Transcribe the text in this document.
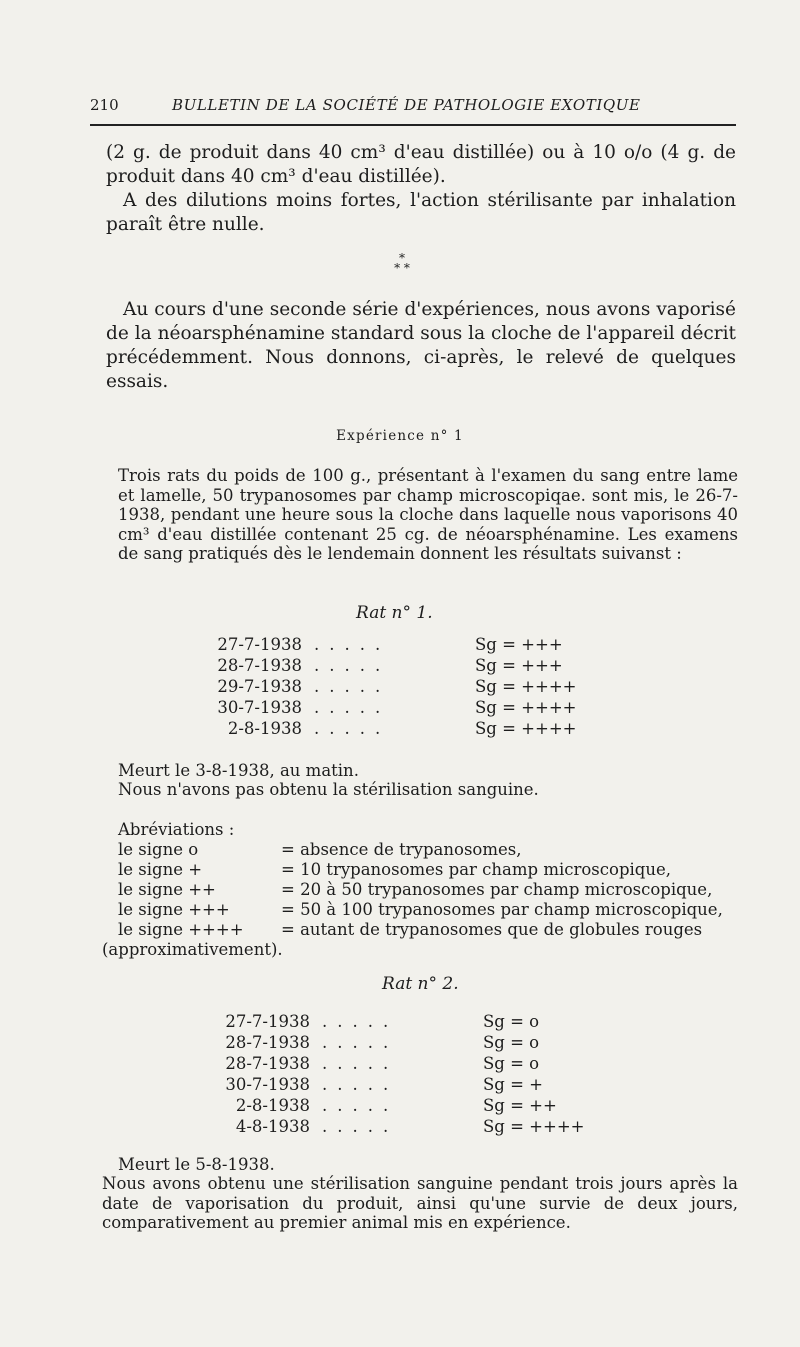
210	BULLETIN DE LA SOCIÉTÉ DE PATHOLOGIE EXOTIQUE
(2 g. de produit dans 40 cm³ d'eau distillée) ou à 10 o/o (4 g. de produit dans 40 cm³ d'eau distillée).
A des dilutions moins fortes, l'action stérilisante par inhalation paraît être nulle.
*
* *
Au cours d'une seconde série d'expériences, nous avons vaporisé de la néoarsphénamine standard sous la cloche de l'appareil décrit précédemment. Nous donnons, ci-après, le relevé de quelques essais.
Expérience n° 1
Trois rats du poids de 100 g., présentant à l'examen du sang entre lame et lamelle, 50 trypanosomes par champ microscopiqae. sont mis, le 26-7-1938, pendant une heure sous la cloche dans laquelle nous vaporisons 40 cm³ d'eau distillée contenant 25 cg. de néoarsphénamine. Les examens de sang pratiqués dès le lendemain donnent les résultats suivanst :
Rat n° 1.
27-7-1938 .....	Sg = +++
28-7-1938 .....	Sg = +++
29-7-1938 .....	Sg = ++++
30-7-1938 .....	Sg = ++++
2-8-1938 .....	Sg = ++++
Meurt le 3-8-1938, au matin.
Nous n'avons pas obtenu la stérilisation sanguine.
Abréviations :
le signe o	= absence de trypanosomes,
le signe +	= 10 trypanosomes par champ microscopique,
le signe ++	= 20 à 50 trypanosomes par champ microscopique,
le signe +++	= 50 à 100 trypanosomes par champ microscopique,
le signe ++++ = autant de trypanosomes que de globules rouges
(approximativement).
Rat n° 2.
27-7-1938 .....	Sg = o
28-7-1938 .....	Sg = o
28-7-1938 .....	Sg = o
30-7-1938 .....	Sg = +
2-8-1938 .....	Sg = ++
4-8-1938 .....	Sg = ++++
Meurt le 5-8-1938.
Nous avons obtenu une stérilisation sanguine pendant trois jours après la date de vaporisation du produit, ainsi qu'une survie de deux jours, comparativement au premier animal mis en expérience.
